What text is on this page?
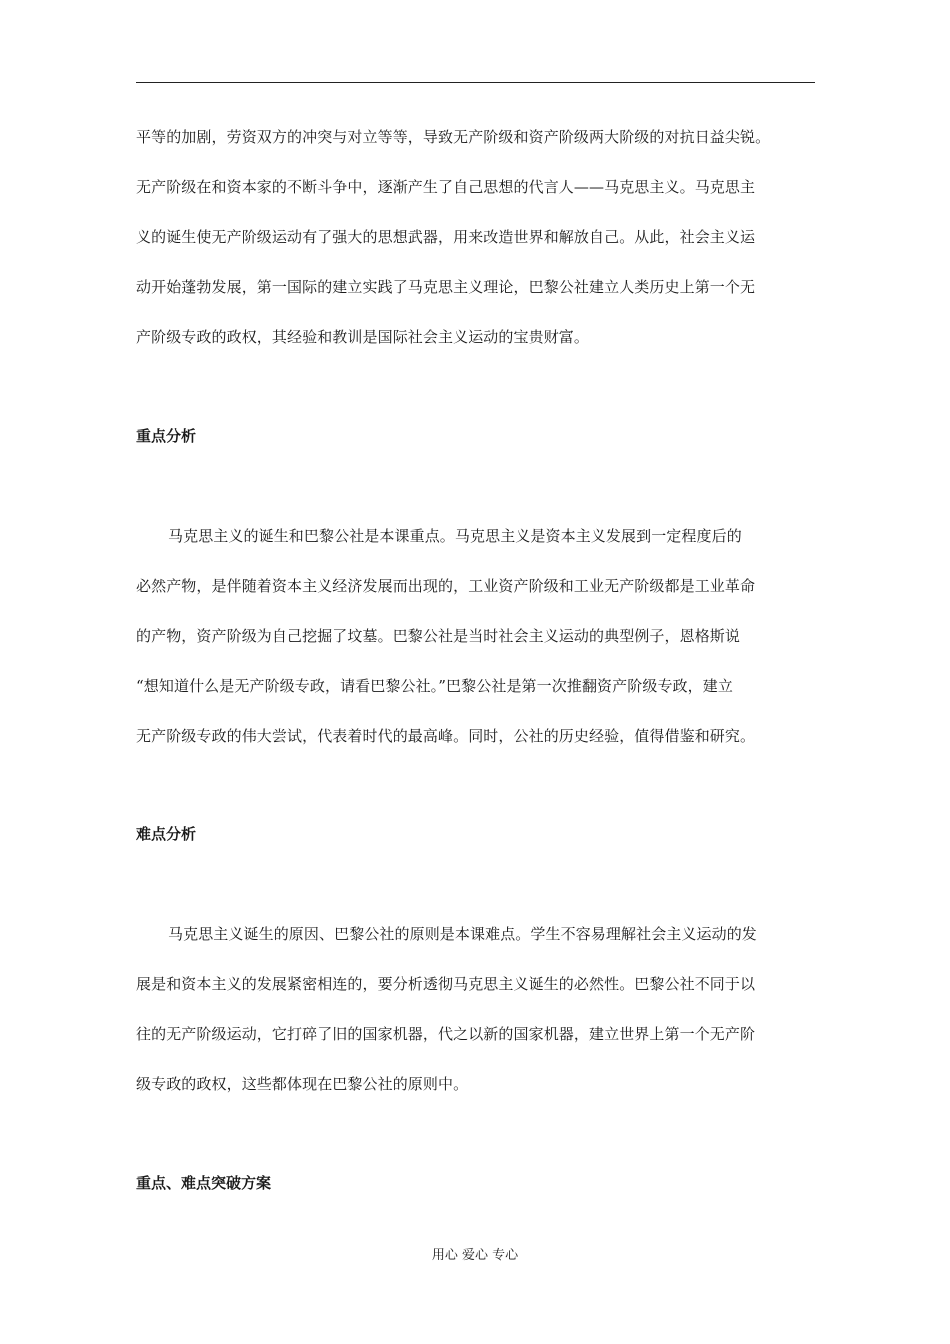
平等的加剧，劳资双方的冲突与对立等等，导致无产阶级和资产阶级两大阶级的对抗日益尖锐。
无产阶级在和资本家的不断斗争中，逐渐产生了自己思想的代言人——马克思主义。马克思主
义的诞生使无产阶级运动有了强大的思想武器，用来改造世界和解放自己。从此，社会主义运
动开始蓬勃发展，第一国际的建立实践了马克思主义理论，巴黎公社建立人类历史上第一个无
产阶级专政的政权，其经验和教训是国际社会主义运动的宝贵财富。
重点分析
马克思主义的诞生和巴黎公社是本课重点。马克思主义是资本主义发展到一定程度后的
必然产物，是伴随着资本主义经济发展而出现的，工业资产阶级和工业无产阶级都是工业革命
的产物，资产阶级为自己挖掘了坟墓。巴黎公社是当时社会主义运动的典型例子，恩格斯说
“想知道什么是无产阶级专政，请看巴黎公社。”巴黎公社是第一次推翻资产阶级专政，建立
无产阶级专政的伟大尝试，代表着时代的最高峰。同时，公社的历史经验，值得借鉴和研究。
难点分析
马克思主义诞生的原因、巴黎公社的原则是本课难点。学生不容易理解社会主义运动的发
展是和资本主义的发展紧密相连的，要分析透彻马克思主义诞生的必然性。巴黎公社不同于以
往的无产阶级运动，它打碎了旧的国家机器，代之以新的国家机器，建立世界上第一个无产阶
级专政的政权，这些都体现在巴黎公社的原则中。
重点、难点突破方案
用心 爱心 专心
